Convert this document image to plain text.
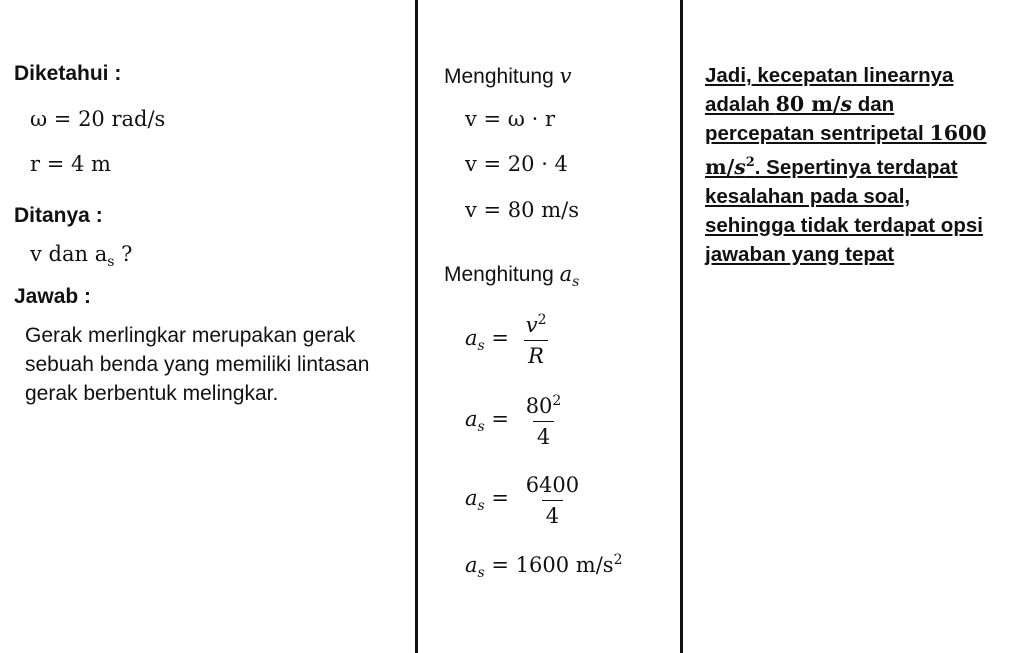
Diketahui :
ω = 20 rad/s
r = 4 m
Ditanya :
v dan $a_s$ ?
Jawab :
Gerak merlingkar merupakan gerak sebuah benda yang memiliki lintasan gerak berbentuk melingkar.
Menghitung v
v = ω · r
v = 20 · 4
v = 80 m/s
Menghitung $a_s$
$a_s = \frac{v^2}{R}$
$a_s = \frac{80^2}{4}$
$a_s = \frac{6400}{4}$
$a_s = 1600$ $m/s^2$
Jadi, kecepatan linearnya adalah 80 m/s dan percepatan sentripetal 1600 $m/s^2$. Sepertinya terdapat kesalahan pada soal, sehingga tidak terdapat opsi jawaban yang tepat
